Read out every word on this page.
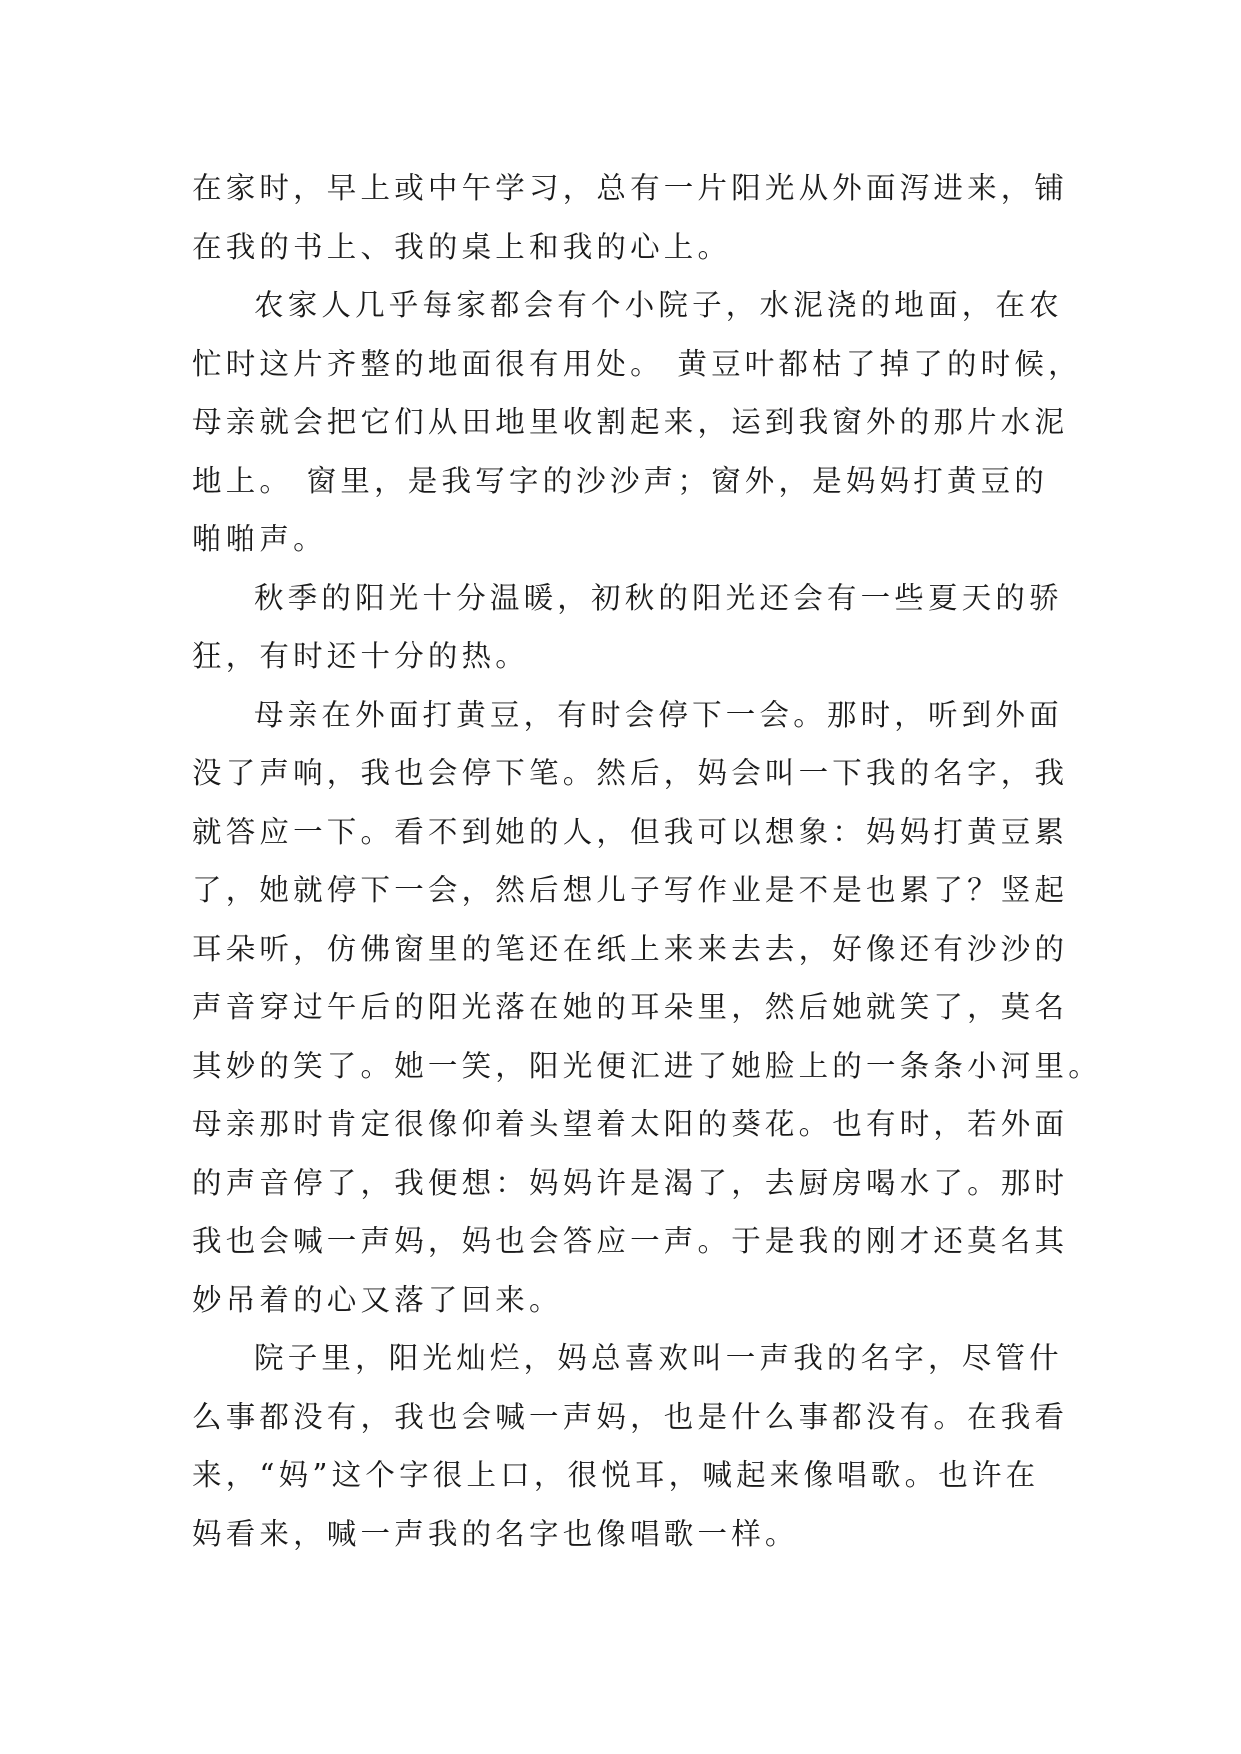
在家时，早上或中午学习，总有一片阳光从外面泻进来，铺
在我的书上、我的桌上和我的心上。
农家人几乎每家都会有个小院子，水泥浇的地面，在农
忙时这片齐整的地面很有用处。 黄豆叶都枯了掉了的时候，
母亲就会把它们从田地里收割起来，运到我窗外的那片水泥
地上。 窗里，是我写字的沙沙声；窗外，是妈妈打黄豆的
啪啪声。
秋季的阳光十分温暖，初秋的阳光还会有一些夏天的骄
狂，有时还十分的热。
母亲在外面打黄豆，有时会停下一会。那时，听到外面
没了声响，我也会停下笔。然后，妈会叫一下我的名字，我
就答应一下。看不到她的人，但我可以想象：妈妈打黄豆累
了，她就停下一会，然后想儿子写作业是不是也累了？竖起
耳朵听，仿佛窗里的笔还在纸上来来去去，好像还有沙沙的
声音穿过午后的阳光落在她的耳朵里，然后她就笑了，莫名
其妙的笑了。她一笑，阳光便汇进了她脸上的一条条小河里。
母亲那时肯定很像仰着头望着太阳的葵花。也有时，若外面
的声音停了，我便想：妈妈许是渴了，去厨房喝水了。那时
我也会喊一声妈，妈也会答应一声。于是我的刚才还莫名其
妙吊着的心又落了回来。
院子里，阳光灿烂，妈总喜欢叫一声我的名字，尽管什
么事都没有，我也会喊一声妈，也是什么事都没有。在我看
来，“妈”这个字很上口，很悦耳，喊起来像唱歌。也许在
妈看来，喊一声我的名字也像唱歌一样。
